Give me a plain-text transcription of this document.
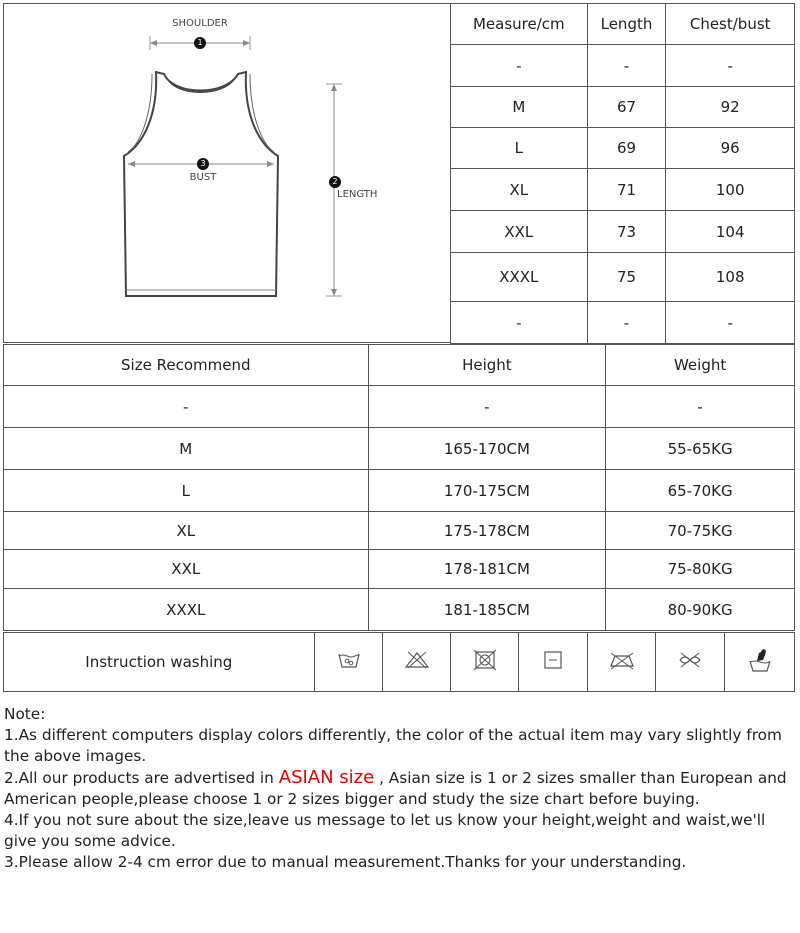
1
3
2
SHOULDER
BUST
LENGTH
Measure/cm	Length	Chest/bust
-	-	-
M	67	92
L	69	96
XL	71	100
XXL	73	104
XXXL	75	108
-	-	-
Size Recommend	Height	Weight
-	-	-
M	165-170CM	55-65KG
L	170-175CM	65-70KG
XL	175-178CM	70-75KG
XXL	178-181CM	75-80KG
XXXL	181-185CM	80-90KG
Instruction washing							

Note:

1.As different computers display colors differently, the color of the actual item may vary slightly from the above images.

2.All our products are advertised in ASIAN size , Asian size is 1 or 2 sizes smaller than European and

American people,please choose 1 or 2 sizes bigger and study the size chart before buying.

4.If you not sure about the size,leave us message to let us know your height,weight and waist,we'll give you some advice.

3.Please allow 2-4 cm error due to manual measurement.Thanks for your understanding.
